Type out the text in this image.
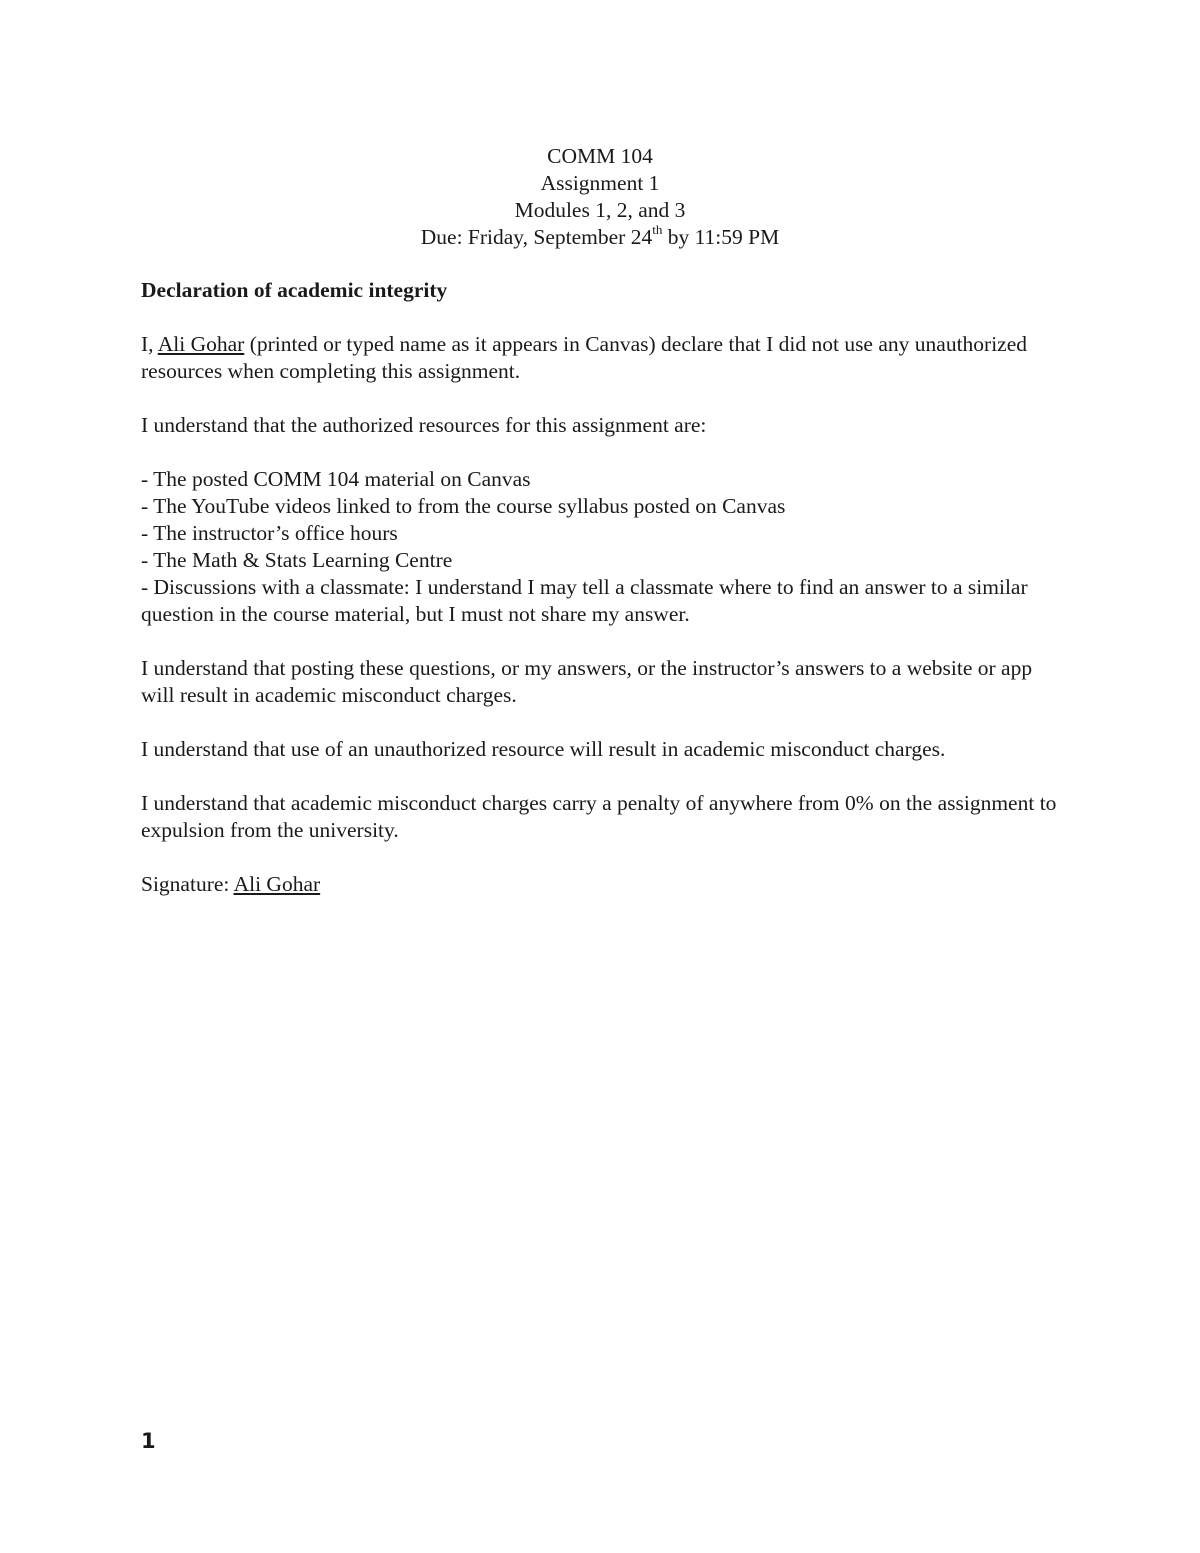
COMM 104
Assignment 1
Modules 1, 2, and 3
Due: Friday, September 24th by 11:59 PM
Declaration of academic integrity

I, Ali Gohar (printed or typed name as it appears in Canvas) declare that I did not use any unauthorized resources when completing this assignment.

I understand that the authorized resources for this assignment are:

- The posted COMM 104 material on Canvas
- The YouTube videos linked to from the course syllabus posted on Canvas
- The instructor’s office hours
- The Math & Stats Learning Centre
- Discussions with a classmate: I understand I may tell a classmate where to find an answer to a similar question in the course material, but I must not share my answer.

I understand that posting these questions, or my answers, or the instructor’s answers to a website or app will result in academic misconduct charges.

I understand that use of an unauthorized resource will result in academic misconduct charges.

I understand that academic misconduct charges carry a penalty of anywhere from 0% on the assignment to expulsion from the university.

Signature: Ali Gohar

1
